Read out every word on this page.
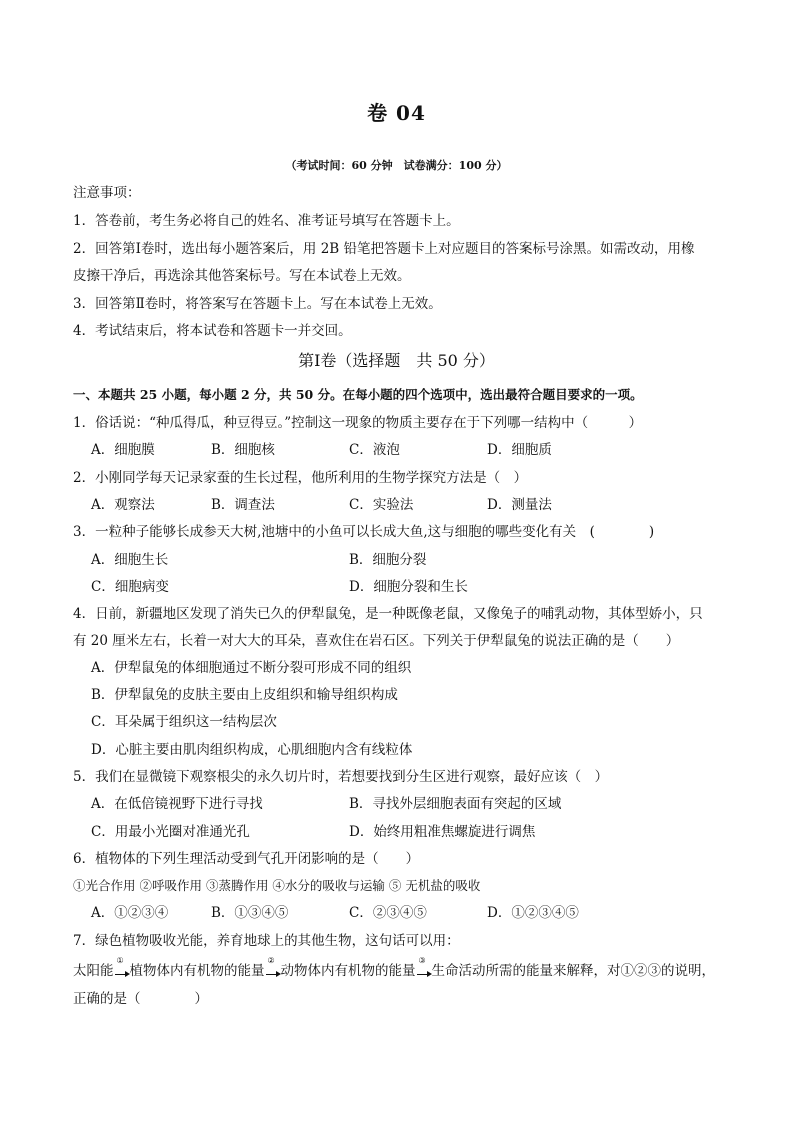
卷 04
（考试时间：60 分钟　试卷满分：100 分）
注意事项：
1．答卷前，考生务必将自己的姓名、准考证号填写在答题卡上。
2．回答第Ⅰ卷时，选出每小题答案后，用 2B 铅笔把答题卡上对应题目的答案标号涂黑。如需改动，用橡
皮擦干净后，再选涂其他答案标号。写在本试卷上无效。
3．回答第Ⅱ卷时，将答案写在答题卡上。写在本试卷上无效。
4．考试结束后，将本试卷和答题卡一并交回。
第Ⅰ卷（选择题　共 50 分）
一、本题共 25 小题，每小题 2 分，共 50 分。在每小题的四个选项中，选出最符合题目要求的一项。
1．俗话说：“种瓜得瓜，种豆得豆。”控制这一现象的物质主要存在于下列哪一结构中（　　　）
A．细胞膜	B．细胞核	C．液泡	D．细胞质
2．小刚同学每天记录家蚕的生长过程，他所利用的生物学探究方法是（　）
A．观察法	B．调查法	C．实验法	D．测量法
3．一粒种子能够长成参天大树,池塘中的小鱼可以长成大鱼,这与细胞的哪些变化有关　(　　　　)
A．细胞生长	B．细胞分裂
C．细胞病变	D．细胞分裂和生长
4．日前，新疆地区发现了消失已久的伊犁鼠兔，是一种既像老鼠，又像兔子的哺乳动物，其体型娇小，只
有 20 厘米左右，长着一对大大的耳朵，喜欢住在岩石区。下列关于伊犁鼠兔的说法正确的是（　　）
A．伊犁鼠兔的体细胞通过不断分裂可形成不同的组织
B．伊犁鼠兔的皮肤主要由上皮组织和输导组织构成
C．耳朵属于组织这一结构层次
D．心脏主要由肌肉组织构成，心肌细胞内含有线粒体
5．我们在显微镜下观察根尖的永久切片时，若想要找到分生区进行观察，最好应该（　）
A．在低倍镜视野下进行寻找	B．寻找外层细胞表面有突起的区域
C．用最小光圈对准通光孔	D．始终用粗准焦螺旋进行调焦
6．植物体的下列生理活动受到气孔开闭影响的是（　　）
①光合作用 ②呼吸作用 ③蒸腾作用 ④水分的吸收与运输 ⑤ 无机盐的吸收
A．①②③④	B．①③④⑤	C．②③④⑤	D．①②③④⑤
7．绿色植物吸收光能，养育地球上的其他生物，这句话可以用：
太阳能
①
植物体内有机物的能量
②
动物体内有机物的能量
③
生命活动所需的能量来解释，对①②③的说明，
正确的是（　　　　）
